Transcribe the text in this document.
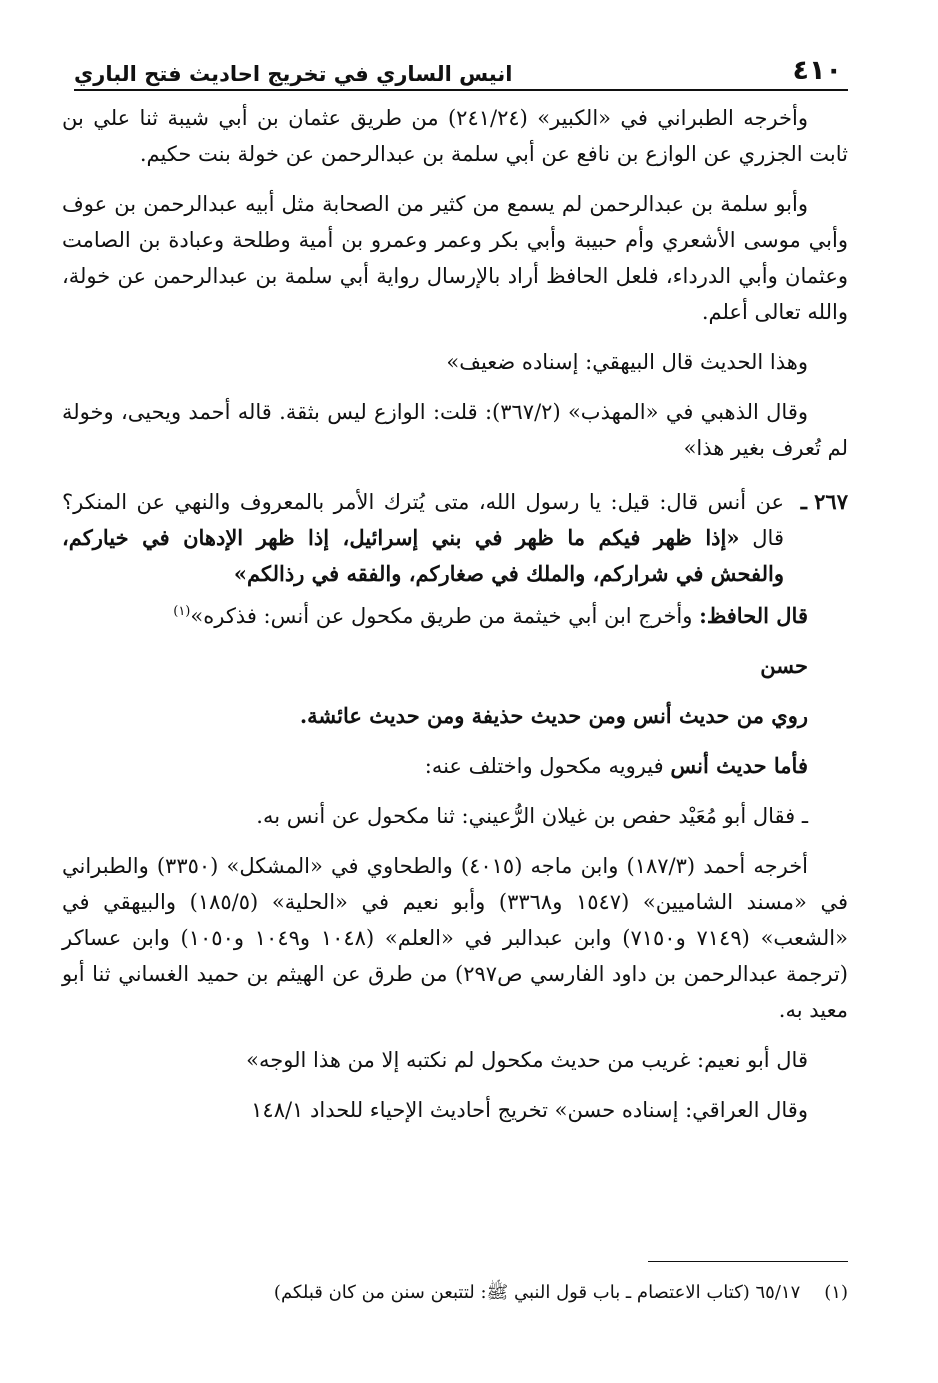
٤١٠
انيس الساري في تخريج احاديث فتح الباري

وأخرجه الطبراني في «الكبير» (٢٤١/٢٤) من طريق عثمان بن أبي شيبة ثنا علي بن ثابت الجزري عن الوازع بن نافع عن أبي سلمة بن عبدالرحمن عن خولة بنت حكيم.

وأبو سلمة بن عبدالرحمن لم يسمع من كثير من الصحابة مثل أبيه عبدالرحمن بن عوف وأبي موسى الأشعري وأم حبيبة وأبي بكر وعمر وعمرو بن أمية وطلحة وعبادة بن الصامت وعثمان وأبي الدرداء، فلعل الحافظ أراد بالإرسال رواية أبي سلمة بن عبدالرحمن عن خولة، والله تعالى أعلم.

وهذا الحديث قال البيهقي: إسناده ضعيف»

وقال الذهبي في «المهذب» (٣٦٧/٢): قلت: الوازع ليس بثقة. قاله أحمد ويحيى، وخولة لم تُعرف بغير هذا»

٢٦٧ ـ

عن أنس قال: قيل: يا رسول الله، متى يُترك الأمر بالمعروف والنهي عن المنكر؟ قال «إذا ظهر فيكم ما ظهر في بني إسرائيل، إذا ظهر الإدهان في خياركم، والفحش في شراركم، والملك في صغاركم، والفقه في رذالكم»

قال الحافظ: وأخرج ابن أبي خيثمة من طريق مكحول عن أنس: فذكره»$^{(١)}$

حسن

روي من حديث أنس ومن حديث حذيفة ومن حديث عائشة.

فأما حديث أنس فيرويه مكحول واختلف عنه:

ـ فقال أبو مُعَيْد حفص بن غيلان الرُّعيني: ثنا مكحول عن أنس به.

أخرجه أحمد (١٨٧/٣) وابن ماجه (٤٠١٥) والطحاوي في «المشكل» (٣٣٥٠) والطبراني في «مسند الشاميين» (١٥٤٧ و٣٣٦٨) وأبو نعيم في «الحلية» (١٨٥/٥) والبيهقي في «الشعب» (٧١٤٩ و٧١٥٠) وابن عبدالبر في «العلم» (١٠٤٨ و١٠٤٩ و١٠٥٠) وابن عساكر (ترجمة عبدالرحمن بن داود الفارسي ص٢٩٧) من طرق عن الهيثم بن حميد الغساني ثنا أبو معيد به.

قال أبو نعيم: غريب من حديث مكحول لم نكتبه إلا من هذا الوجه»

وقال العراقي: إسناده حسن» تخريج أحاديث الإحياء للحداد ١٤٨/١

(١)٦٥/١٧ (كتاب الاعتصام ـ باب قول النبي ﷺ: لتتبعن سنن من كان قبلكم)
